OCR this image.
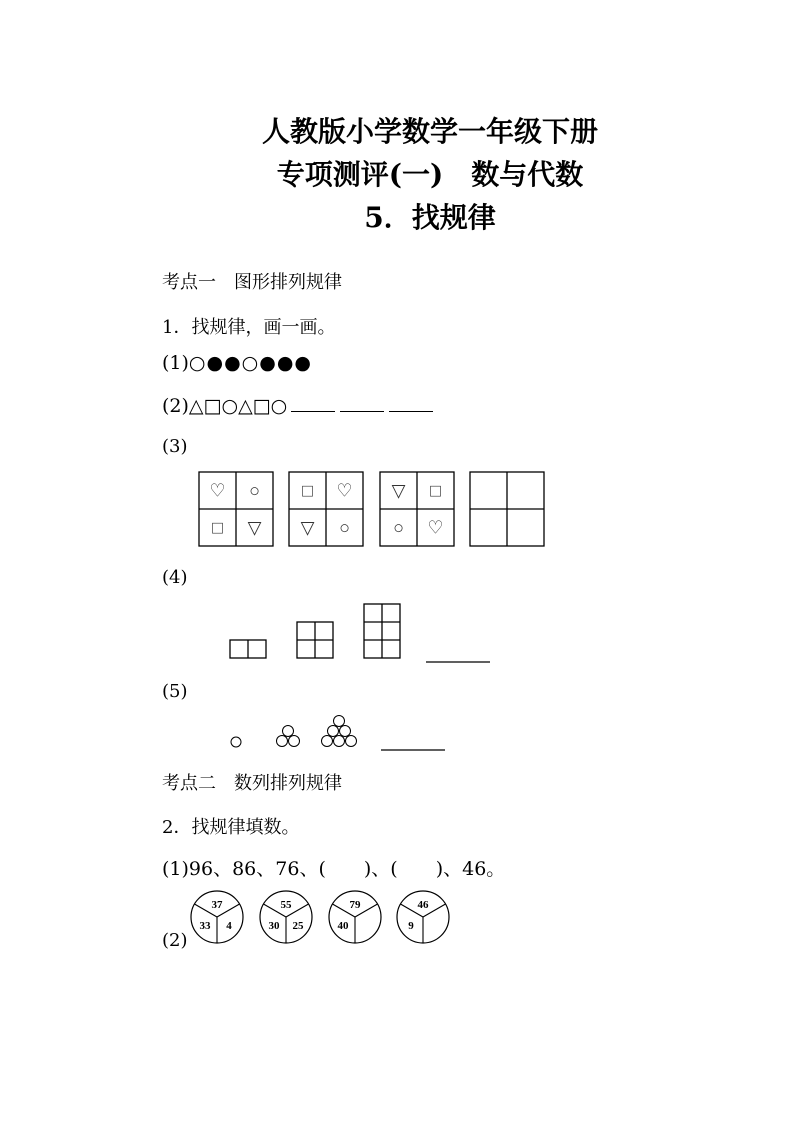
人教版小学数学一年级下册
专项测评(一)　数与代数
5．找规律
考点一　图形排列规律
1．找规律，画一画。
(1)○●●○●●●
(2)△□○△□○
(3)
♡ ○
□ ▽
□ ♡
▽ ○
▽ □
○ ♡
(4)
(5)
考点二　数列排列规律
2．找规律填数。
(1)96、86、76、(　　)、(　　)、46。
(2)
37
33 4
55
30 25
79
40
46
9
